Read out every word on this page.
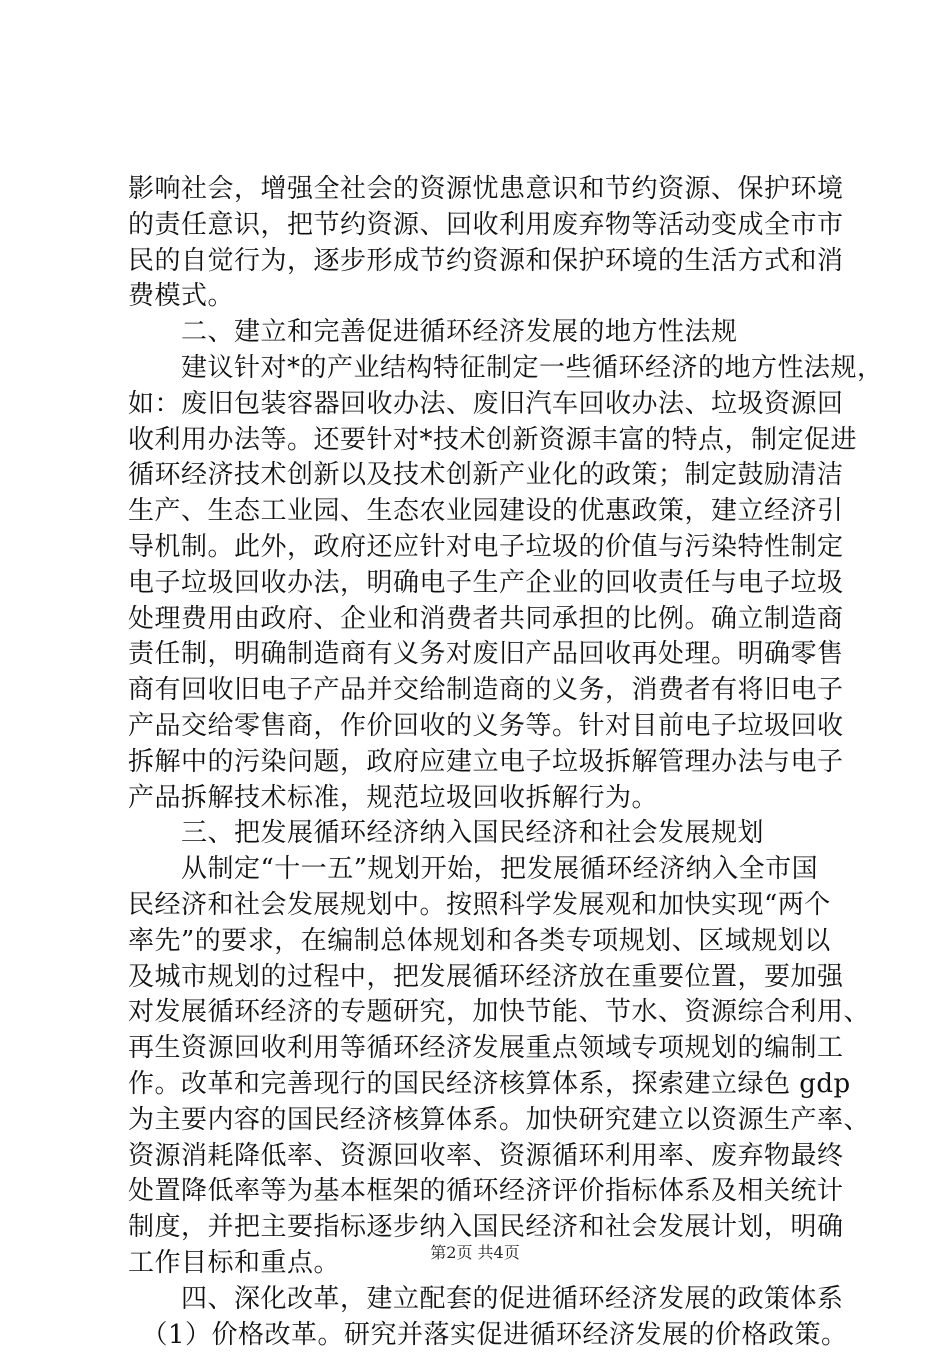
影响社会，增强全社会的资源忧患意识和节约资源、保护环境
的责任意识，把节约资源、回收利用废弃物等活动变成全市市
民的自觉行为，逐步形成节约资源和保护环境的生活方式和消
费模式。
　　二、建立和完善促进循环经济发展的地方性法规
　　建议针对*的产业结构特征制定一些循环经济的地方性法规，
如：废旧包装容器回收办法、废旧汽车回收办法、垃圾资源回
收利用办法等。还要针对*技术创新资源丰富的特点，制定促进
循环经济技术创新以及技术创新产业化的政策；制定鼓励清洁
生产、生态工业园、生态农业园建设的优惠政策，建立经济引
导机制。此外，政府还应针对电子垃圾的价值与污染特性制定
电子垃圾回收办法，明确电子生产企业的回收责任与电子垃圾
处理费用由政府、企业和消费者共同承担的比例。确立制造商
责任制，明确制造商有义务对废旧产品回收再处理。明确零售
商有回收旧电子产品并交给制造商的义务，消费者有将旧电子
产品交给零售商，作价回收的义务等。针对目前电子垃圾回收
拆解中的污染问题，政府应建立电子垃圾拆解管理办法与电子
产品拆解技术标准，规范垃圾回收拆解行为。
　　三、把发展循环经济纳入国民经济和社会发展规划
　　从制定“十一五”规划开始，把发展循环经济纳入全市国
民经济和社会发展规划中。按照科学发展观和加快实现“两个
率先”的要求，在编制总体规划和各类专项规划、区域规划以
及城市规划的过程中，把发展循环经济放在重要位置，要加强
对发展循环经济的专题研究，加快节能、节水、资源综合利用、
再生资源回收利用等循环经济发展重点领域专项规划的编制工
作。改革和完善现行的国民经济核算体系，探索建立绿色 gdp
为主要内容的国民经济核算体系。加快研究建立以资源生产率、
资源消耗降低率、资源回收率、资源循环利用率、废弃物最终
处置降低率等为基本框架的循环经济评价指标体系及相关统计
制度，并把主要指标逐步纳入国民经济和社会发展计划，明确
工作目标和重点。
　　四、深化改革，建立配套的促进循环经济发展的政策体系
　（1）价格改革。研究并落实促进循环经济发展的价格政策。
第2页 共4页
